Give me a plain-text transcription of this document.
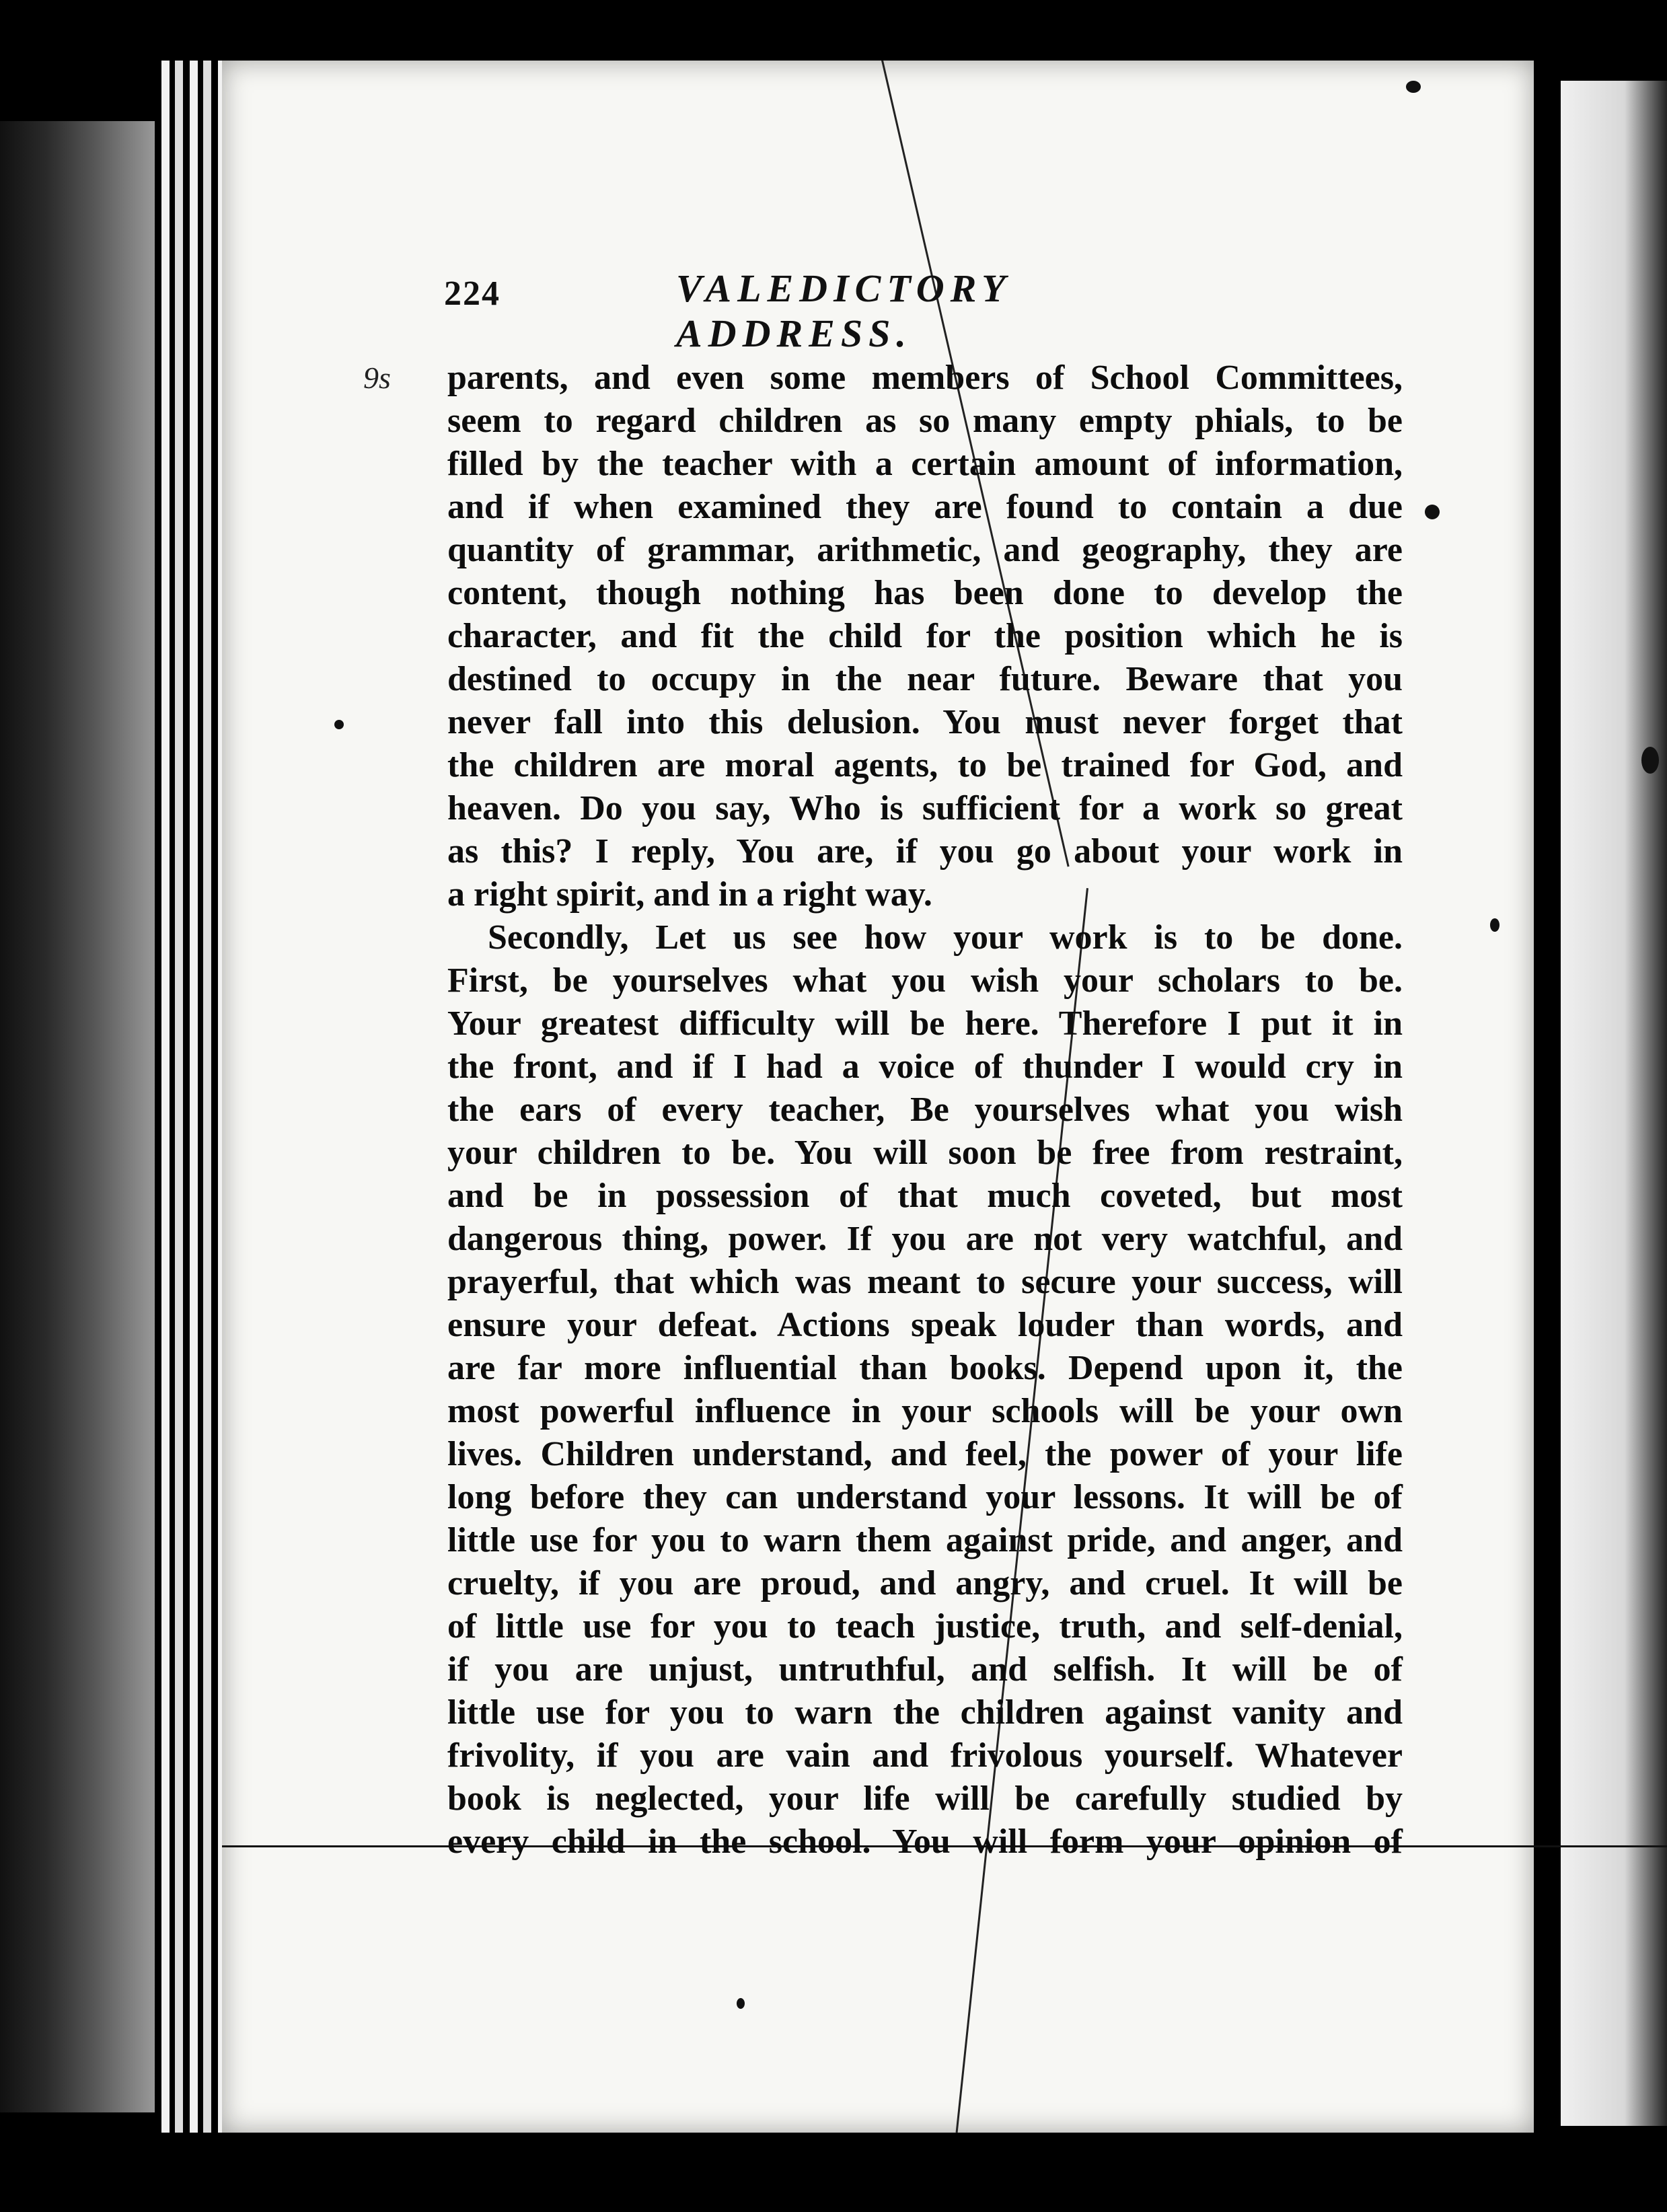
224	VALEDICTORY ADDRESS.
9s parents, and even some members of School Committees,
seem to regard children as so many empty phials, to be
filled by the teacher with a certain amount of information,
and if when examined they are found to contain a due
quantity of grammar, arithmetic, and geography, they are
content, though nothing has been done to develop the
character, and fit the child for the position which he is
destined to occupy in the near future. Beware that you
never fall into this delusion. You must never forget that
the children are moral agents, to be trained for God, and
heaven. Do you say, Who is sufficient for a work so great
as this? I reply, You are, if you go about your work in
a right spirit, and in a right way.
Secondly, Let us see how your work is to be done.
First, be yourselves what you wish your scholars to be.
Your greatest difficulty will be here. Therefore I put it in
the front, and if I had a voice of thunder I would cry in
the ears of every teacher, Be yourselves what you wish
your children to be. You will soon be free from restraint,
and be in possession of that much coveted, but most
dangerous thing, power. If you are not very watchful, and
prayerful, that which was meant to secure your success, will
ensure your defeat. Actions speak louder than words, and
are far more influential than books. Depend upon it, the
most powerful influence in your schools will be your own
lives. Children understand, and feel, the power of your life
long before they can understand your lessons. It will be of
little use for you to warn them against pride, and anger, and
cruelty, if you are proud, and angry, and cruel. It will be
of little use for you to teach justice, truth, and self-denial,
if you are unjust, untruthful, and selfish. It will be of
little use for you to warn the children against vanity and
frivolity, if you are vain and frivolous yourself. Whatever
book is neglected, your life will be carefully studied by
every child in the school. You will form your opinion of
